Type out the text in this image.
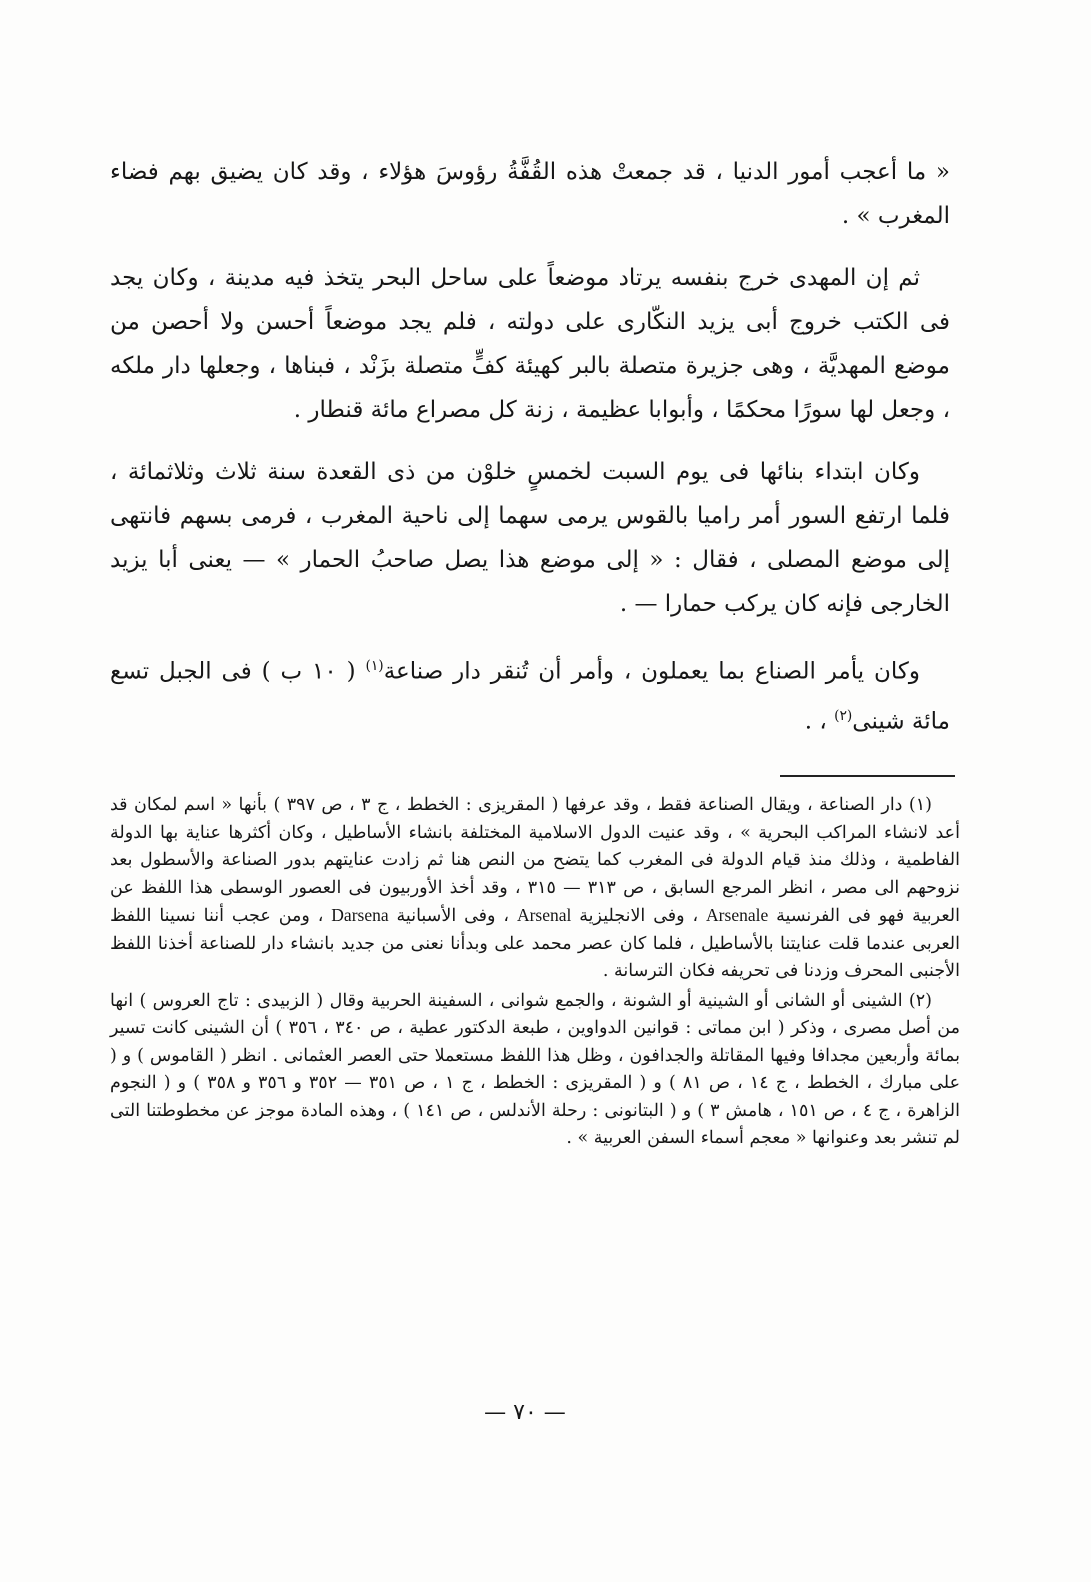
« ما أعجب أمور الدنيا ، قد جمعتْ هذه القُفَّةُ رؤوسَ هؤلاء ، وقد كان يضيق بهم فضاء المغرب » .

ثم إن المهدى خرج بنفسه يرتاد موضعاً على ساحل البحر يتخذ فيه مدينة ، وكان يجد فى الكتب خروج أبى يزيد النكّارى على دولته ، فلم يجد موضعاً أحسن ولا أحصن من موضع المهديَّة ، وهى جزيرة متصلة بالبر كهيئة كفٍّ متصلة بزَنْد ، فبناها ، وجعلها دار ملكه ، وجعل لها سورًا محكمًا ، وأبوابا عظيمة ، زنة كل مصراع مائة قنطار .

وكان ابتداء بنائها فى يوم السبت لخمسٍ خلوْن من ذى القعدة سنة ثلاث وثلاثمائة ، فلما ارتفع السور أمر راميا بالقوس يرمى سهما إلى ناحية المغرب ، فرمى بسهم فانتهى إلى موضع المصلى ، فقال : « إلى موضع هذا يصل صاحبُ الحمار » — يعنى أبا يزيد الخارجى فإنه كان يركب حمارا — .

وكان يأمر الصناع بما يعملون ، وأمر أن تُنقر دار صناعة$^{(١)}$ ( ١٠ ب ) فى الجبل تسع مائة شينى$^{(٢)}$ ، .

(١) دار الصناعة ، ويقال الصناعة فقط ، وقد عرفها ( المقريزى : الخطط ، ج ٣ ، ص ٣٩٧ ) بأنها « اسم لمكان قد أعد لانشاء المراكب البحرية » ، وقد عنيت الدول الاسلامية المختلفة بانشاء الأساطيل ، وكان أكثرها عناية بها الدولة الفاطمية ، وذلك منذ قيام الدولة فى المغرب كما يتضح من النص هنا ثم زادت عنايتهم بدور الصناعة والأسطول بعد نزوحهم الى مصر ، انظر المرجع السابق ، ص ٣١٣ — ٣١٥ ، وقد أخذ الأوربيون فى العصور الوسطى هذا اللفظ عن العربية فهو فى الفرنسية Arsenale ، وفى الانجليزية Arsenal ، وفى الأسبانية Darsena ، ومن عجب أننا نسينا اللفظ العربى عندما قلت عنايتنا بالأساطيل ، فلما كان عصر محمد على وبدأنا نعنى من جديد بانشاء دار للصناعة أخذنا اللفظ الأجنبى المحرف وزدنا فى تحريفه فكان الترسانة .

(٢) الشينى أو الشانى أو الشينية أو الشونة ، والجمع شوانى ، السفينة الحربية وقال ( الزبيدى : تاج العروس ) انها من أصل مصرى ، وذكر ( ابن مماتى : قوانين الدواوين ، طبعة الدكتور عطية ، ص ٣٤٠ ، ٣٥٦ ) أن الشينى كانت تسير بمائة وأربعين مجدافا وفيها المقاتلة والجدافون ، وظل هذا اللفظ مستعملا حتى العصر العثمانى . انظر ( القاموس ) و ( على مبارك ، الخطط ، ج ١٤ ، ص ٨١ ) و ( المقريزى : الخطط ، ج ١ ، ص ٣٥١ — ٣٥٢ و ٣٥٦ و ٣٥٨ ) و ( النجوم الزاهرة ، ج ٤ ، ص ١٥١ ، هامش ٣ ) و ( البتانونى : رحلة الأندلس ، ص ١٤١ ) ، وهذه المادة موجز عن مخطوطتنا التى لم تنشر بعد وعنوانها « معجم أسماء السفن العربية » .

— ٧٠ —
